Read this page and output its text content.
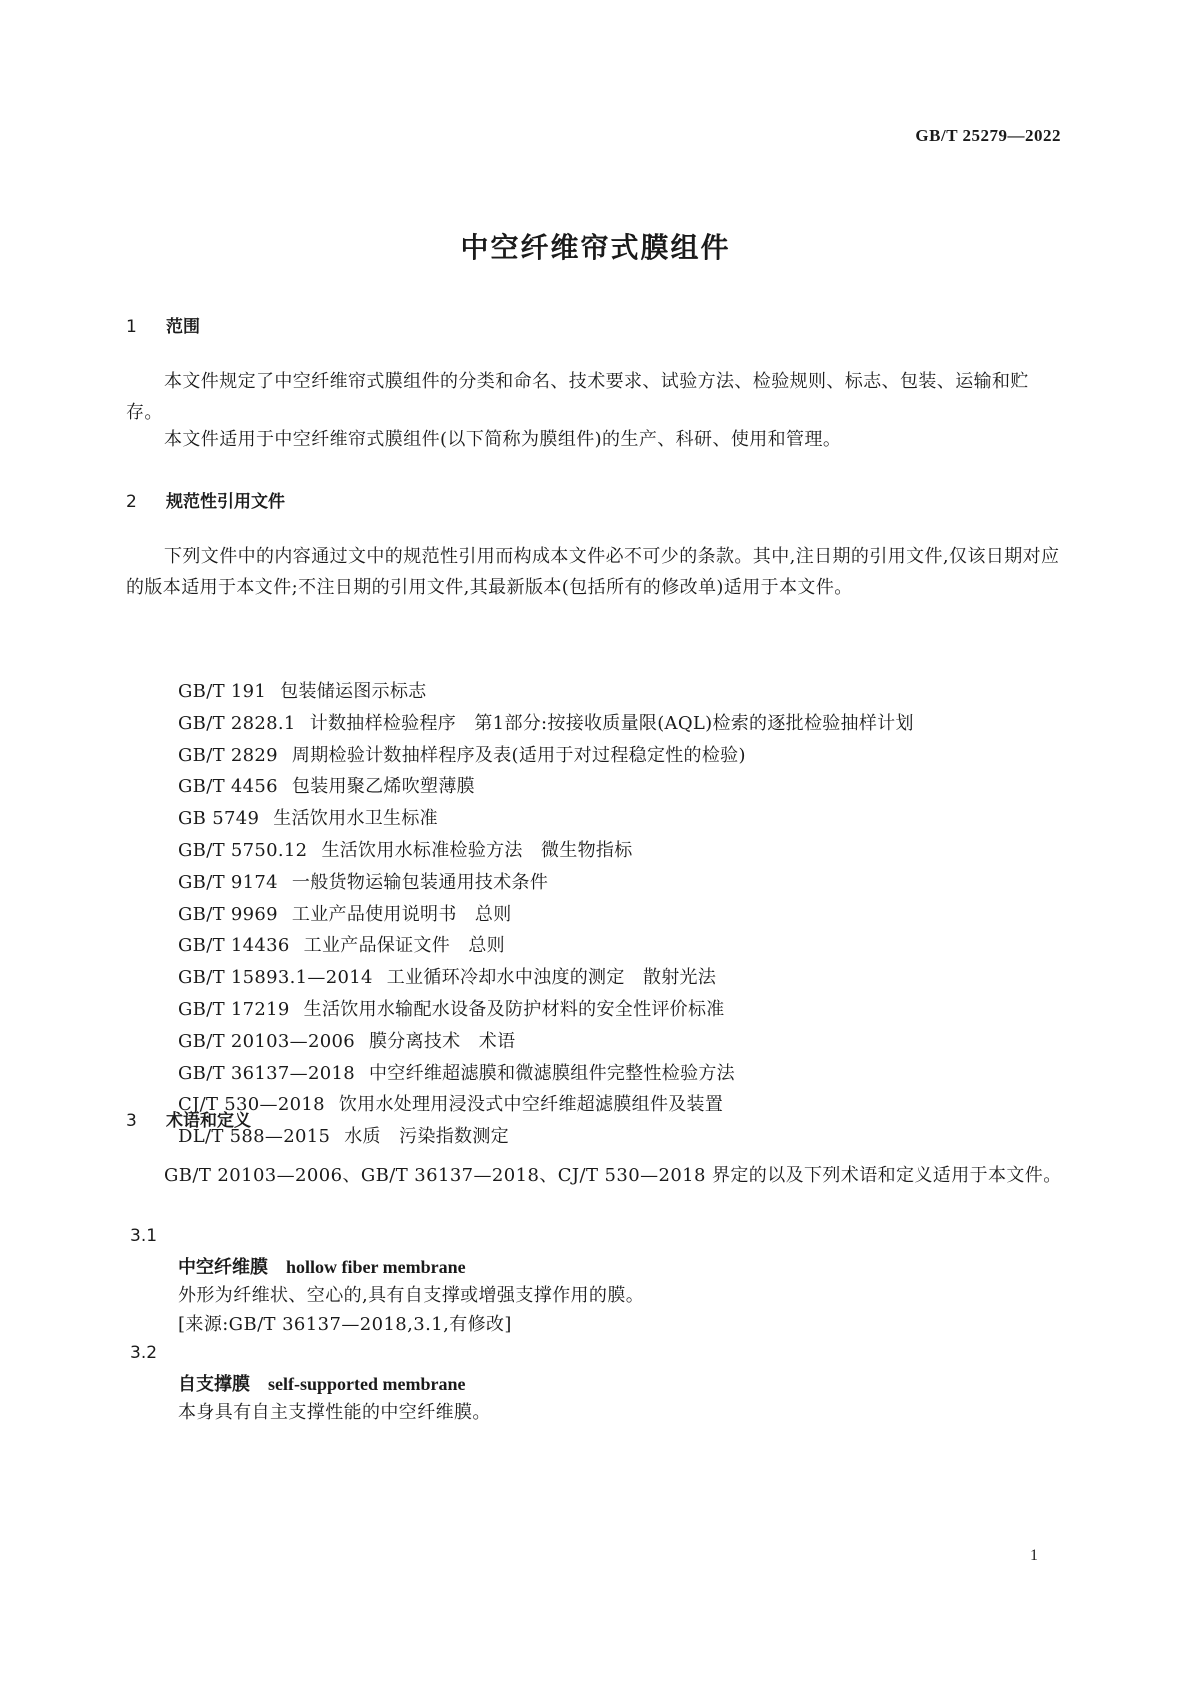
GB/T 25279—2022
中空纤维帘式膜组件
1 范围
本文件规定了中空纤维帘式膜组件的分类和命名、技术要求、试验方法、检验规则、标志、包装、运输和贮存。
本文件适用于中空纤维帘式膜组件(以下简称为膜组件)的生产、科研、使用和管理。
2 规范性引用文件
下列文件中的内容通过文中的规范性引用而构成本文件必不可少的条款。其中,注日期的引用文件,仅该日期对应的版本适用于本文件;不注日期的引用文件,其最新版本(包括所有的修改单)适用于本文件。
GB/T 191 包装储运图示标志
GB/T 2828.1 计数抽样检验程序　第1部分:按接收质量限(AQL)检索的逐批检验抽样计划
GB/T 2829 周期检验计数抽样程序及表(适用于对过程稳定性的检验)
GB/T 4456 包装用聚乙烯吹塑薄膜
GB 5749 生活饮用水卫生标准
GB/T 5750.12 生活饮用水标准检验方法　微生物指标
GB/T 9174 一般货物运输包装通用技术条件
GB/T 9969 工业产品使用说明书　总则
GB/T 14436 工业产品保证文件　总则
GB/T 15893.1—2014 工业循环冷却水中浊度的测定　散射光法
GB/T 17219 生活饮用水输配水设备及防护材料的安全性评价标准
GB/T 20103—2006 膜分离技术　术语
GB/T 36137—2018 中空纤维超滤膜和微滤膜组件完整性检验方法
CJ/T 530—2018 饮用水处理用浸没式中空纤维超滤膜组件及装置
DL/T 588—2015 水质　污染指数测定
3 术语和定义
GB/T 20103—2006、GB/T 36137—2018、CJ/T 530—2018 界定的以及下列术语和定义适用于本文件。
3.1
中空纤维膜 hollow fiber membrane
外形为纤维状、空心的,具有自支撑或增强支撑作用的膜。
[来源:GB/T 36137—2018,3.1,有修改]
3.2
自支撑膜 self-supported membrane
本身具有自主支撑性能的中空纤维膜。
1
